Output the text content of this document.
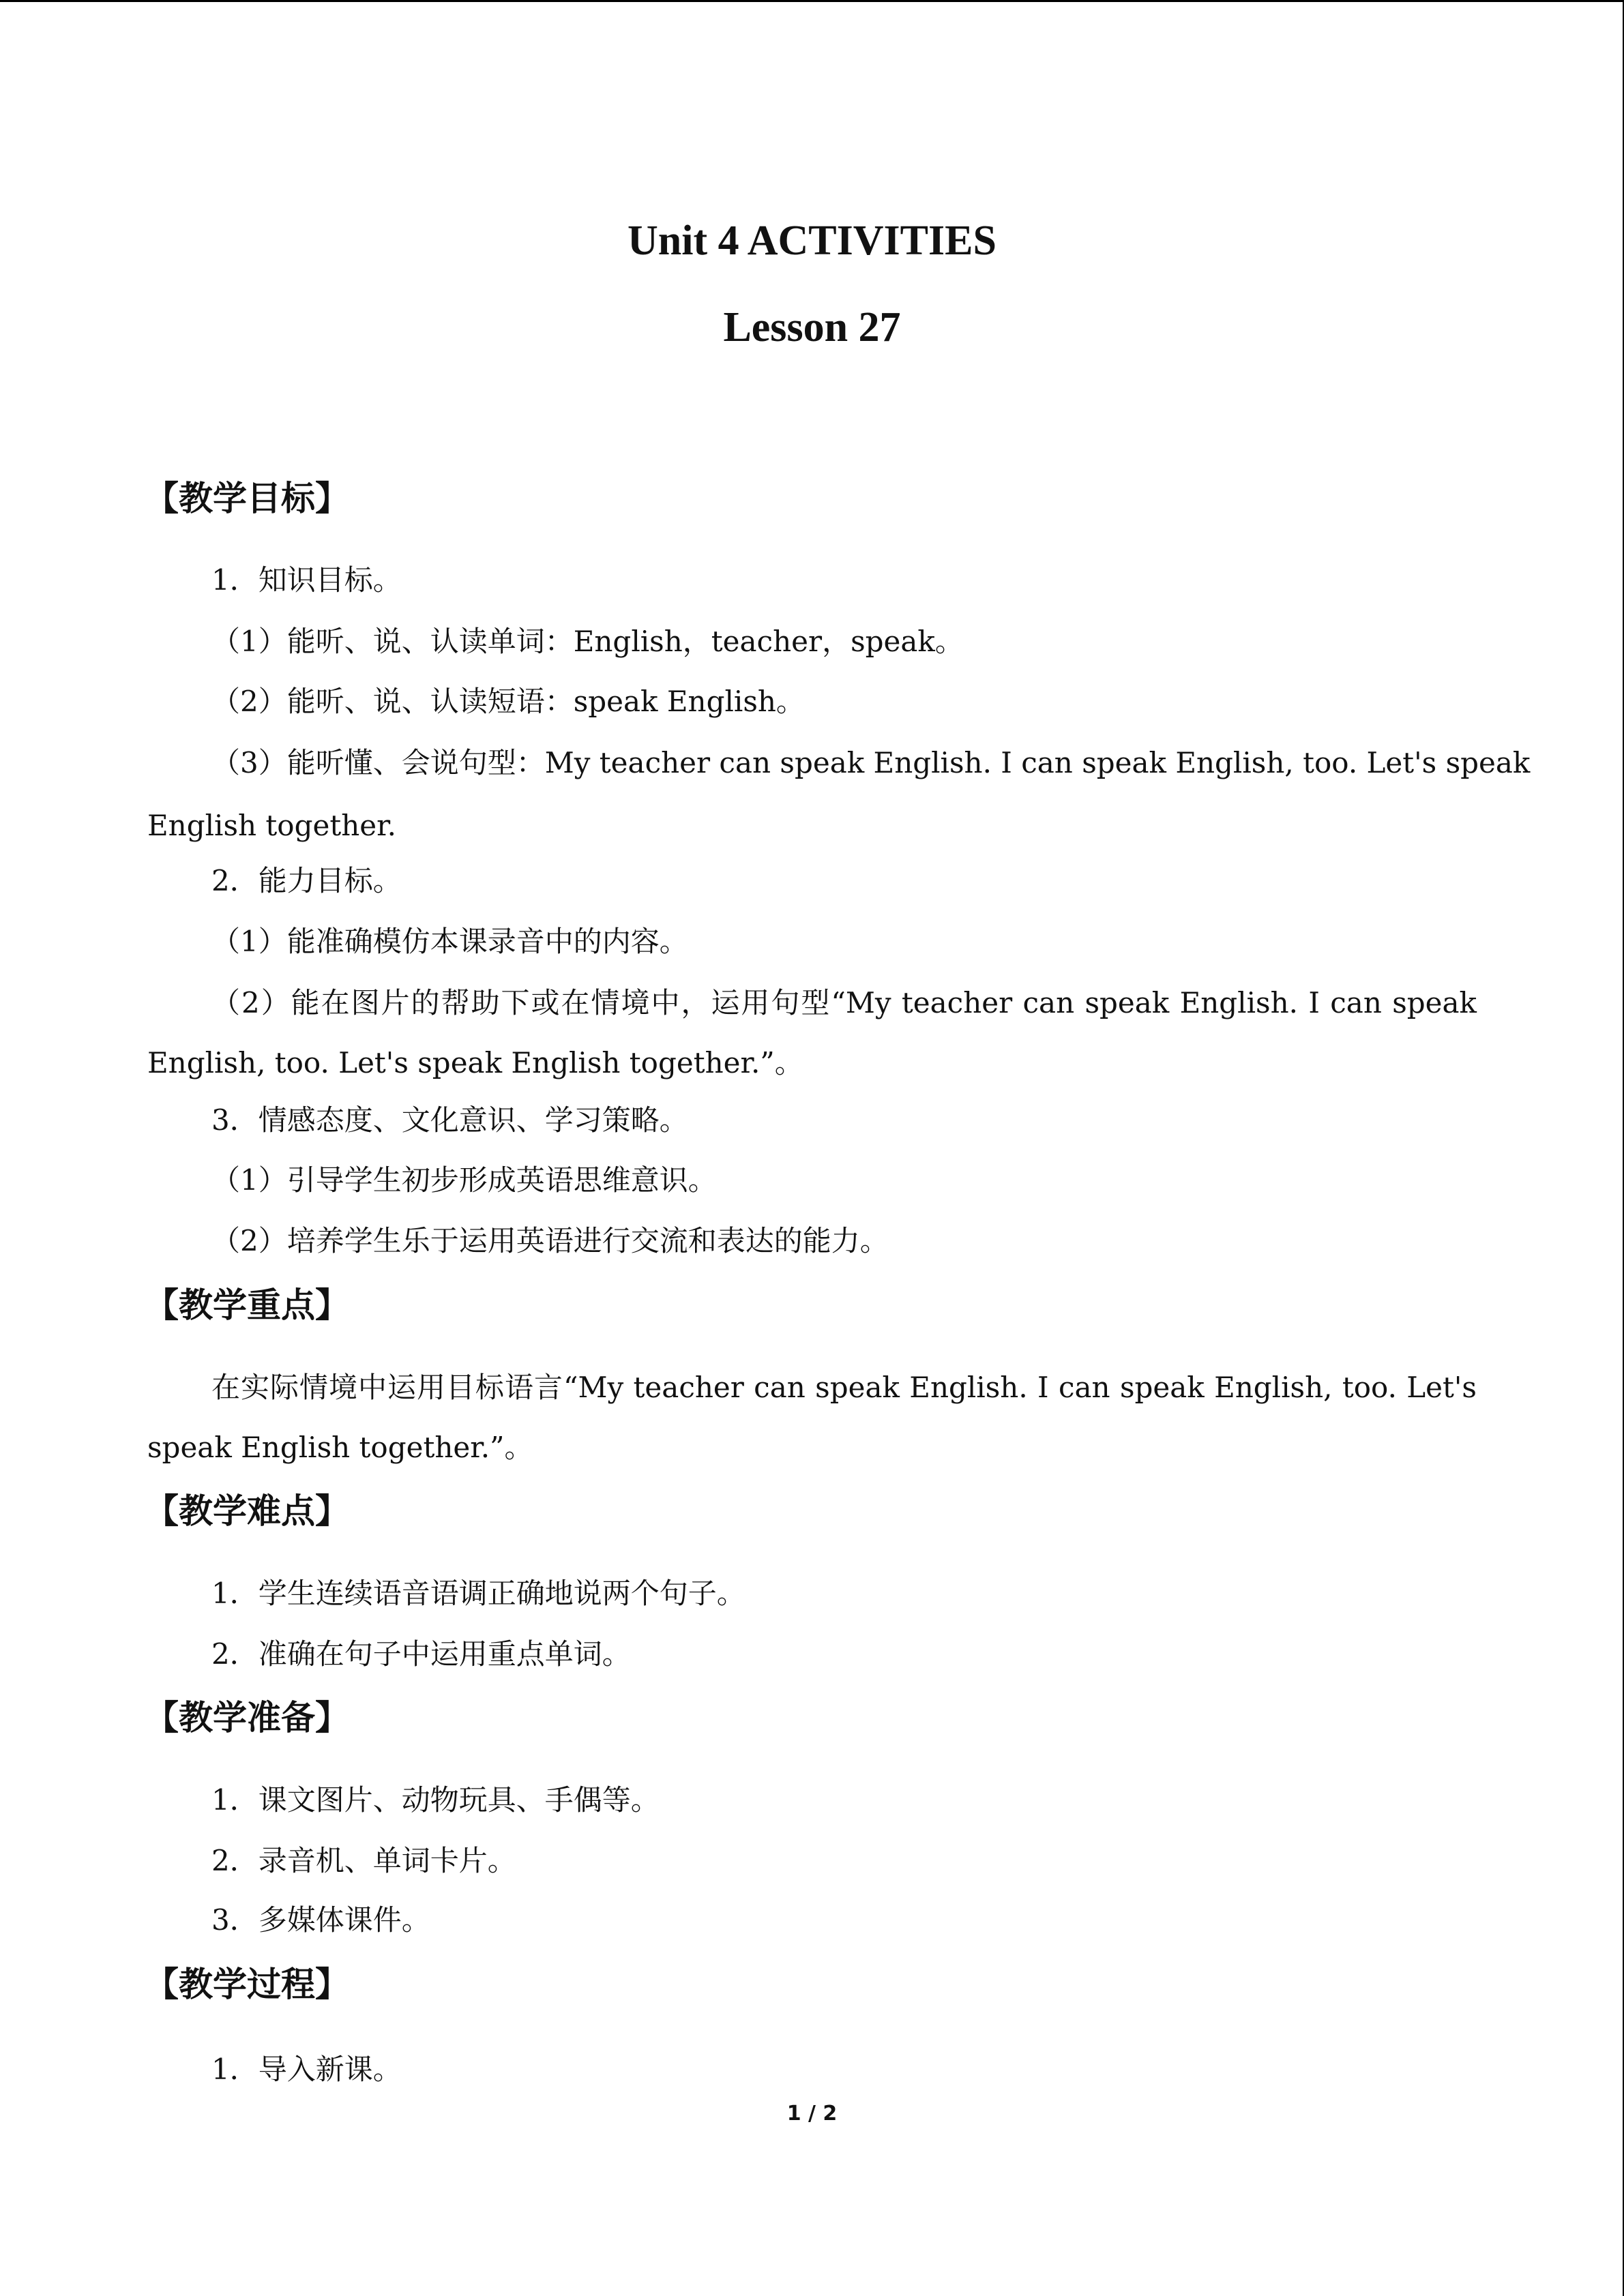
Unit 4 ACTIVITIES
Lesson 27
【教学目标】
1．知识目标。
（1）能听、说、认读单词：English，teacher，speak。
（2）能听、说、认读短语：speak English。
（3）能听懂、会说句型：My teacher can speak English. I can speak English, too. Let's speak
English together.
2．能力目标。
（1）能准确模仿本课录音中的内容。
（2）能在图片的帮助下或在情境中，运用句型“My teacher can speak English. I can speak
English, too. Let's speak English together.”。
3．情感态度、文化意识、学习策略。
（1）引导学生初步形成英语思维意识。
（2）培养学生乐于运用英语进行交流和表达的能力。
【教学重点】
在实际情境中运用目标语言“My teacher can speak English. I can speak English, too. Let's
speak English together.”。
【教学难点】
1．学生连续语音语调正确地说两个句子。
2．准确在句子中运用重点单词。
【教学准备】
1．课文图片、动物玩具、手偶等。
2．录音机、单词卡片。
3．多媒体课件。
【教学过程】
1．导入新课。
1 / 2
